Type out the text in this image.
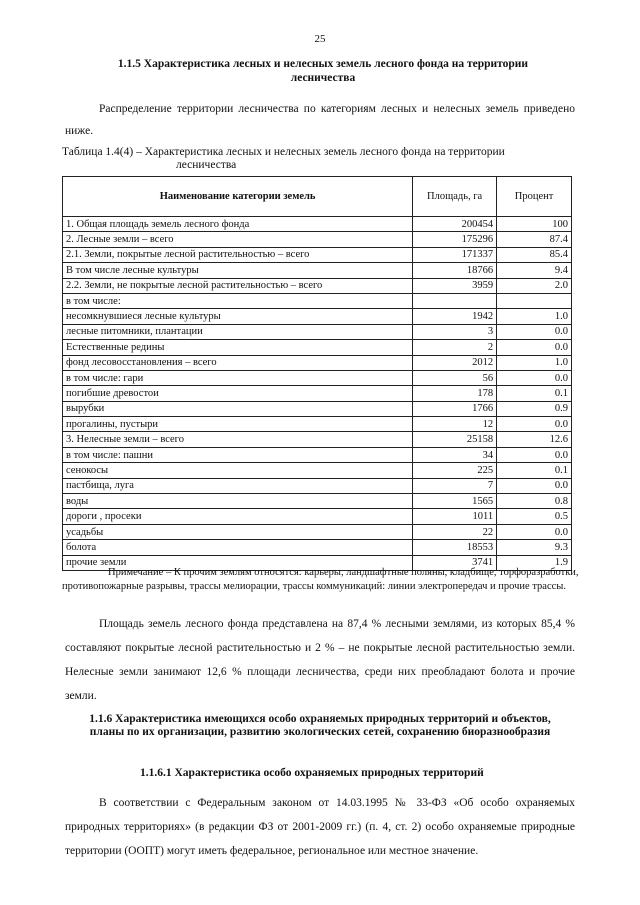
25
1.1.5 Характеристика лесных и нелесных земель лесного фонда на территории лесничества
Распределение территории лесничества по категориям лесных и нелесных земель приведено ниже.
Таблица 1.4(4) – Характеристика лесных и нелесных земель лесного фонда на территории
лесничества
Наименование категории земель	Площадь, га	Процент
1. Общая площадь земель лесного фонда	200454	100
2. Лесные земли – всего	175296	87.4
2.1. Земли, покрытые лесной растительностью – всего	171337	85.4
В том числе лесные культуры	18766	9.4
2.2. Земли, не покрытые лесной растительностью – всего	3959	2.0
в том числе:		
несомкнувшиеся лесные культуры	1942	1.0
лесные питомники, плантации	3	0.0
Естественные редины	2	0.0
фонд лесовосстановления – всего	2012	1.0
в том числе: гари	56	0.0
погибшие древостои	178	0.1
вырубки	1766	0.9
прогалины, пустыри	12	0.0
3. Нелесные земли – всего	25158	12.6
в том числе: пашни	34	0.0
сенокосы	225	0.1
пастбища, луга	7	0.0
воды	1565	0.8
дороги , просеки	1011	0.5
усадьбы	22	0.0
болота	18553	9.3
прочие земли	3741	1.9
Примечание – К прочим землям относятся: карьеры, ландшафтные поляны, кладбище, торфоразработки, противопожарные разрывы, трассы мелиорации, трассы коммуникаций: линии электропередач и прочие трассы.
Площадь земель лесного фонда представлена на 87,4 % лесными землями, из которых 85,4 % составляют покрытые лесной растительностью и 2 % – не покрытые лесной растительностью земли. Нелесные земли занимают 12,6 % площади лесничества, среди них преобладают болота и прочие земли.
1.1.6 Характеристика имеющихся особо охраняемых природных территорий и объектов, планы по их организации, развитию экологических сетей, сохранению биоразнообразия
1.1.6.1 Характеристика особо охраняемых природных территорий
В соответствии с Федеральным законом от 14.03.1995 № 33-ФЗ «Об особо охраняемых природных территориях» (в редакции ФЗ от 2001-2009 гг.) (п. 4, ст. 2) особо охраняемые природные территории (ООПТ) могут иметь федеральное, региональное или местное значение.
